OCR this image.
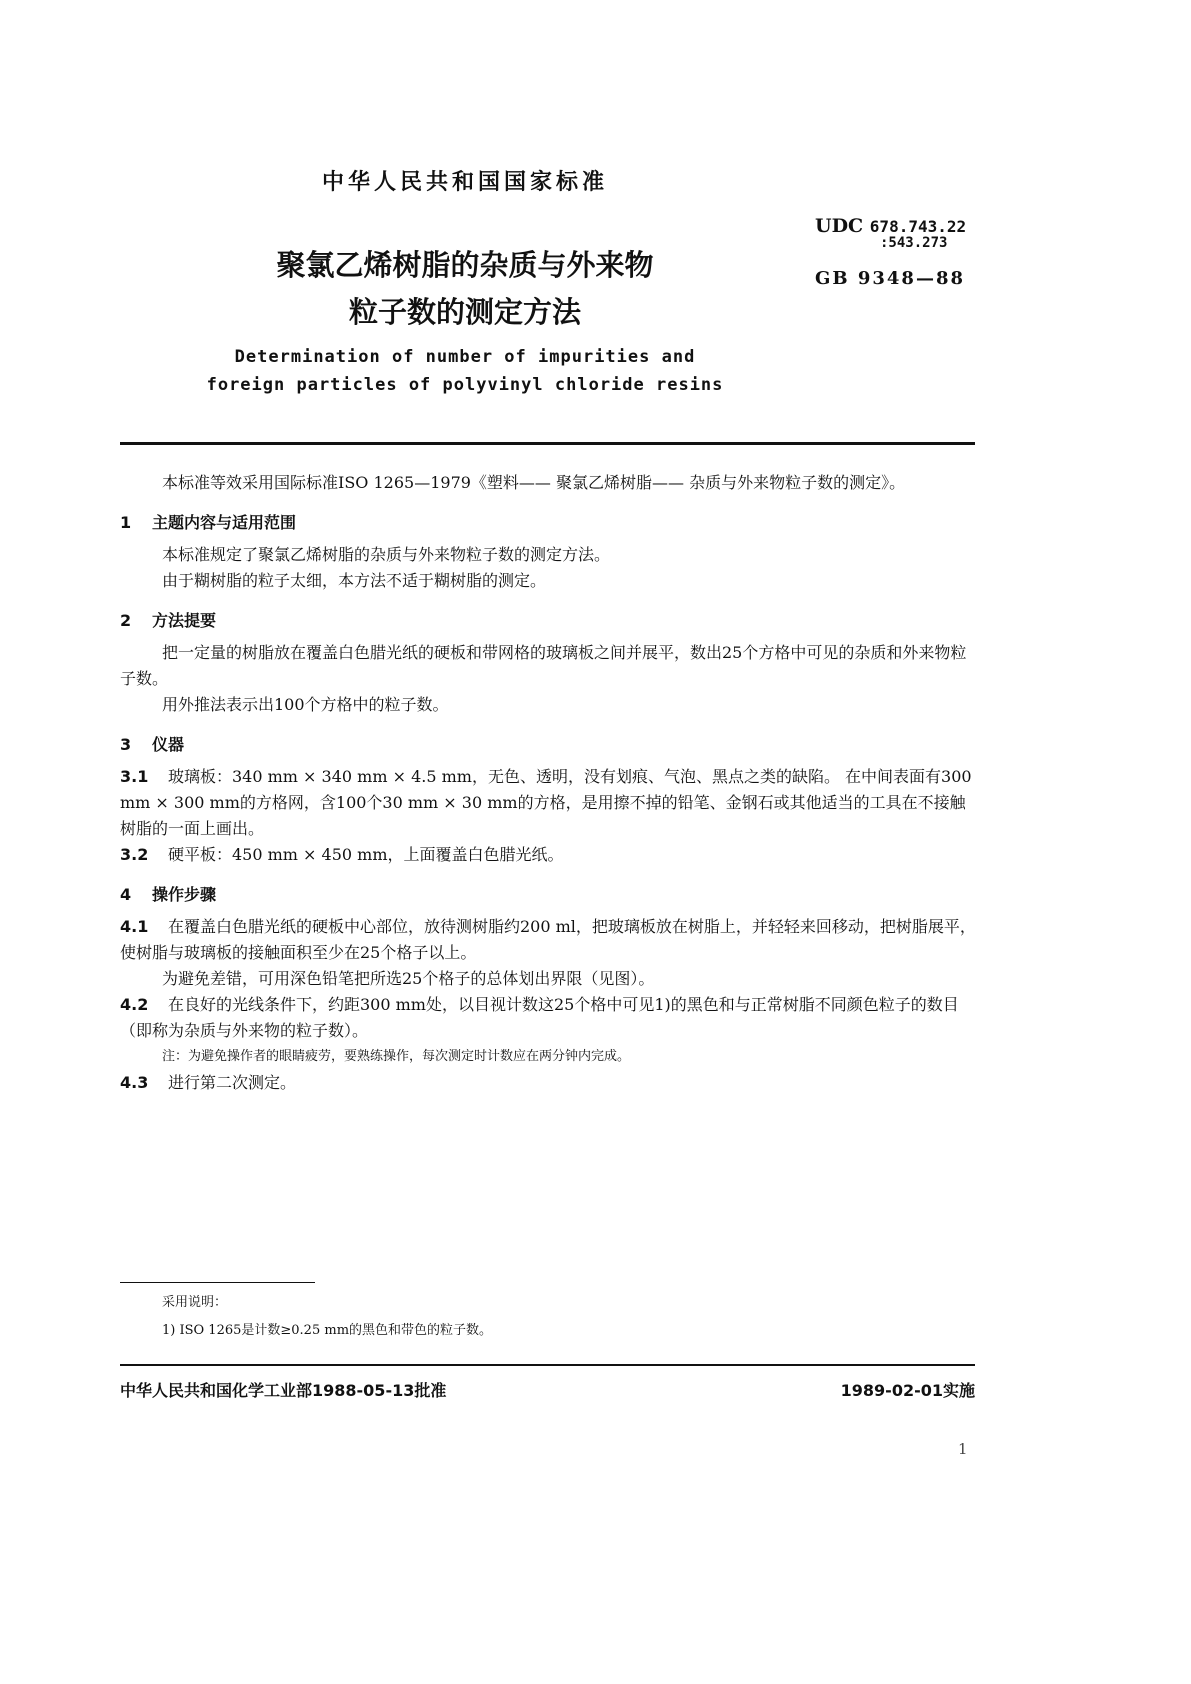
中华人民共和国国家标准
UDC 678.743.22
:543.273
GB 9348—88
聚氯乙烯树脂的杂质与外来物
粒子数的测定方法
Determination of number of impurities and
foreign particles of polyvinyl chloride resins

本标准等效采用国际标准ISO 1265—1979《塑料—— 聚氯乙烯树脂—— 杂质与外来物粒子数的测定》。

1 主题内容与适用范围

本标准规定了聚氯乙烯树脂的杂质与外来物粒子数的测定方法。

由于糊树脂的粒子太细，本方法不适于糊树脂的测定。

2 方法提要

把一定量的树脂放在覆盖白色腊光纸的硬板和带网格的玻璃板之间并展平，数出25个方格中可见的杂质和外来物粒子数。

用外推法表示出100个方格中的粒子数。

3 仪器

3.1 玻璃板：340 mm × 340 mm × 4.5 mm，无色、透明，没有划痕、气泡、黑点之类的缺陷。 在中间表面有300 mm × 300 mm的方格网，含100个30 mm × 30 mm的方格，是用擦不掉的铅笔、金钢石或其他适当的工具在不接触树脂的一面上画出。

3.2 硬平板：450 mm × 450 mm，上面覆盖白色腊光纸。

4 操作步骤

4.1 在覆盖白色腊光纸的硬板中心部位，放待测树脂约200 ml，把玻璃板放在树脂上，并轻轻来回移动，把树脂展平，使树脂与玻璃板的接触面积至少在25个格子以上。

为避免差错，可用深色铅笔把所选25个格子的总体划出界限（见图）。

4.2 在良好的光线条件下，约距300 mm处，以目视计数这25个格中可见1)的黑色和与正常树脂不同颜色粒子的数目（即称为杂质与外来物的粒子数）。

注：为避免操作者的眼睛疲劳，要熟练操作，每次测定时计数应在两分钟内完成。

4.3 进行第二次测定。

采用说明：
1) ISO 1265是计数≥0.25 mm的黑色和带色的粒子数。
中华人民共和国化学工业部1988-05-13批准	1989-02-01实施
1
